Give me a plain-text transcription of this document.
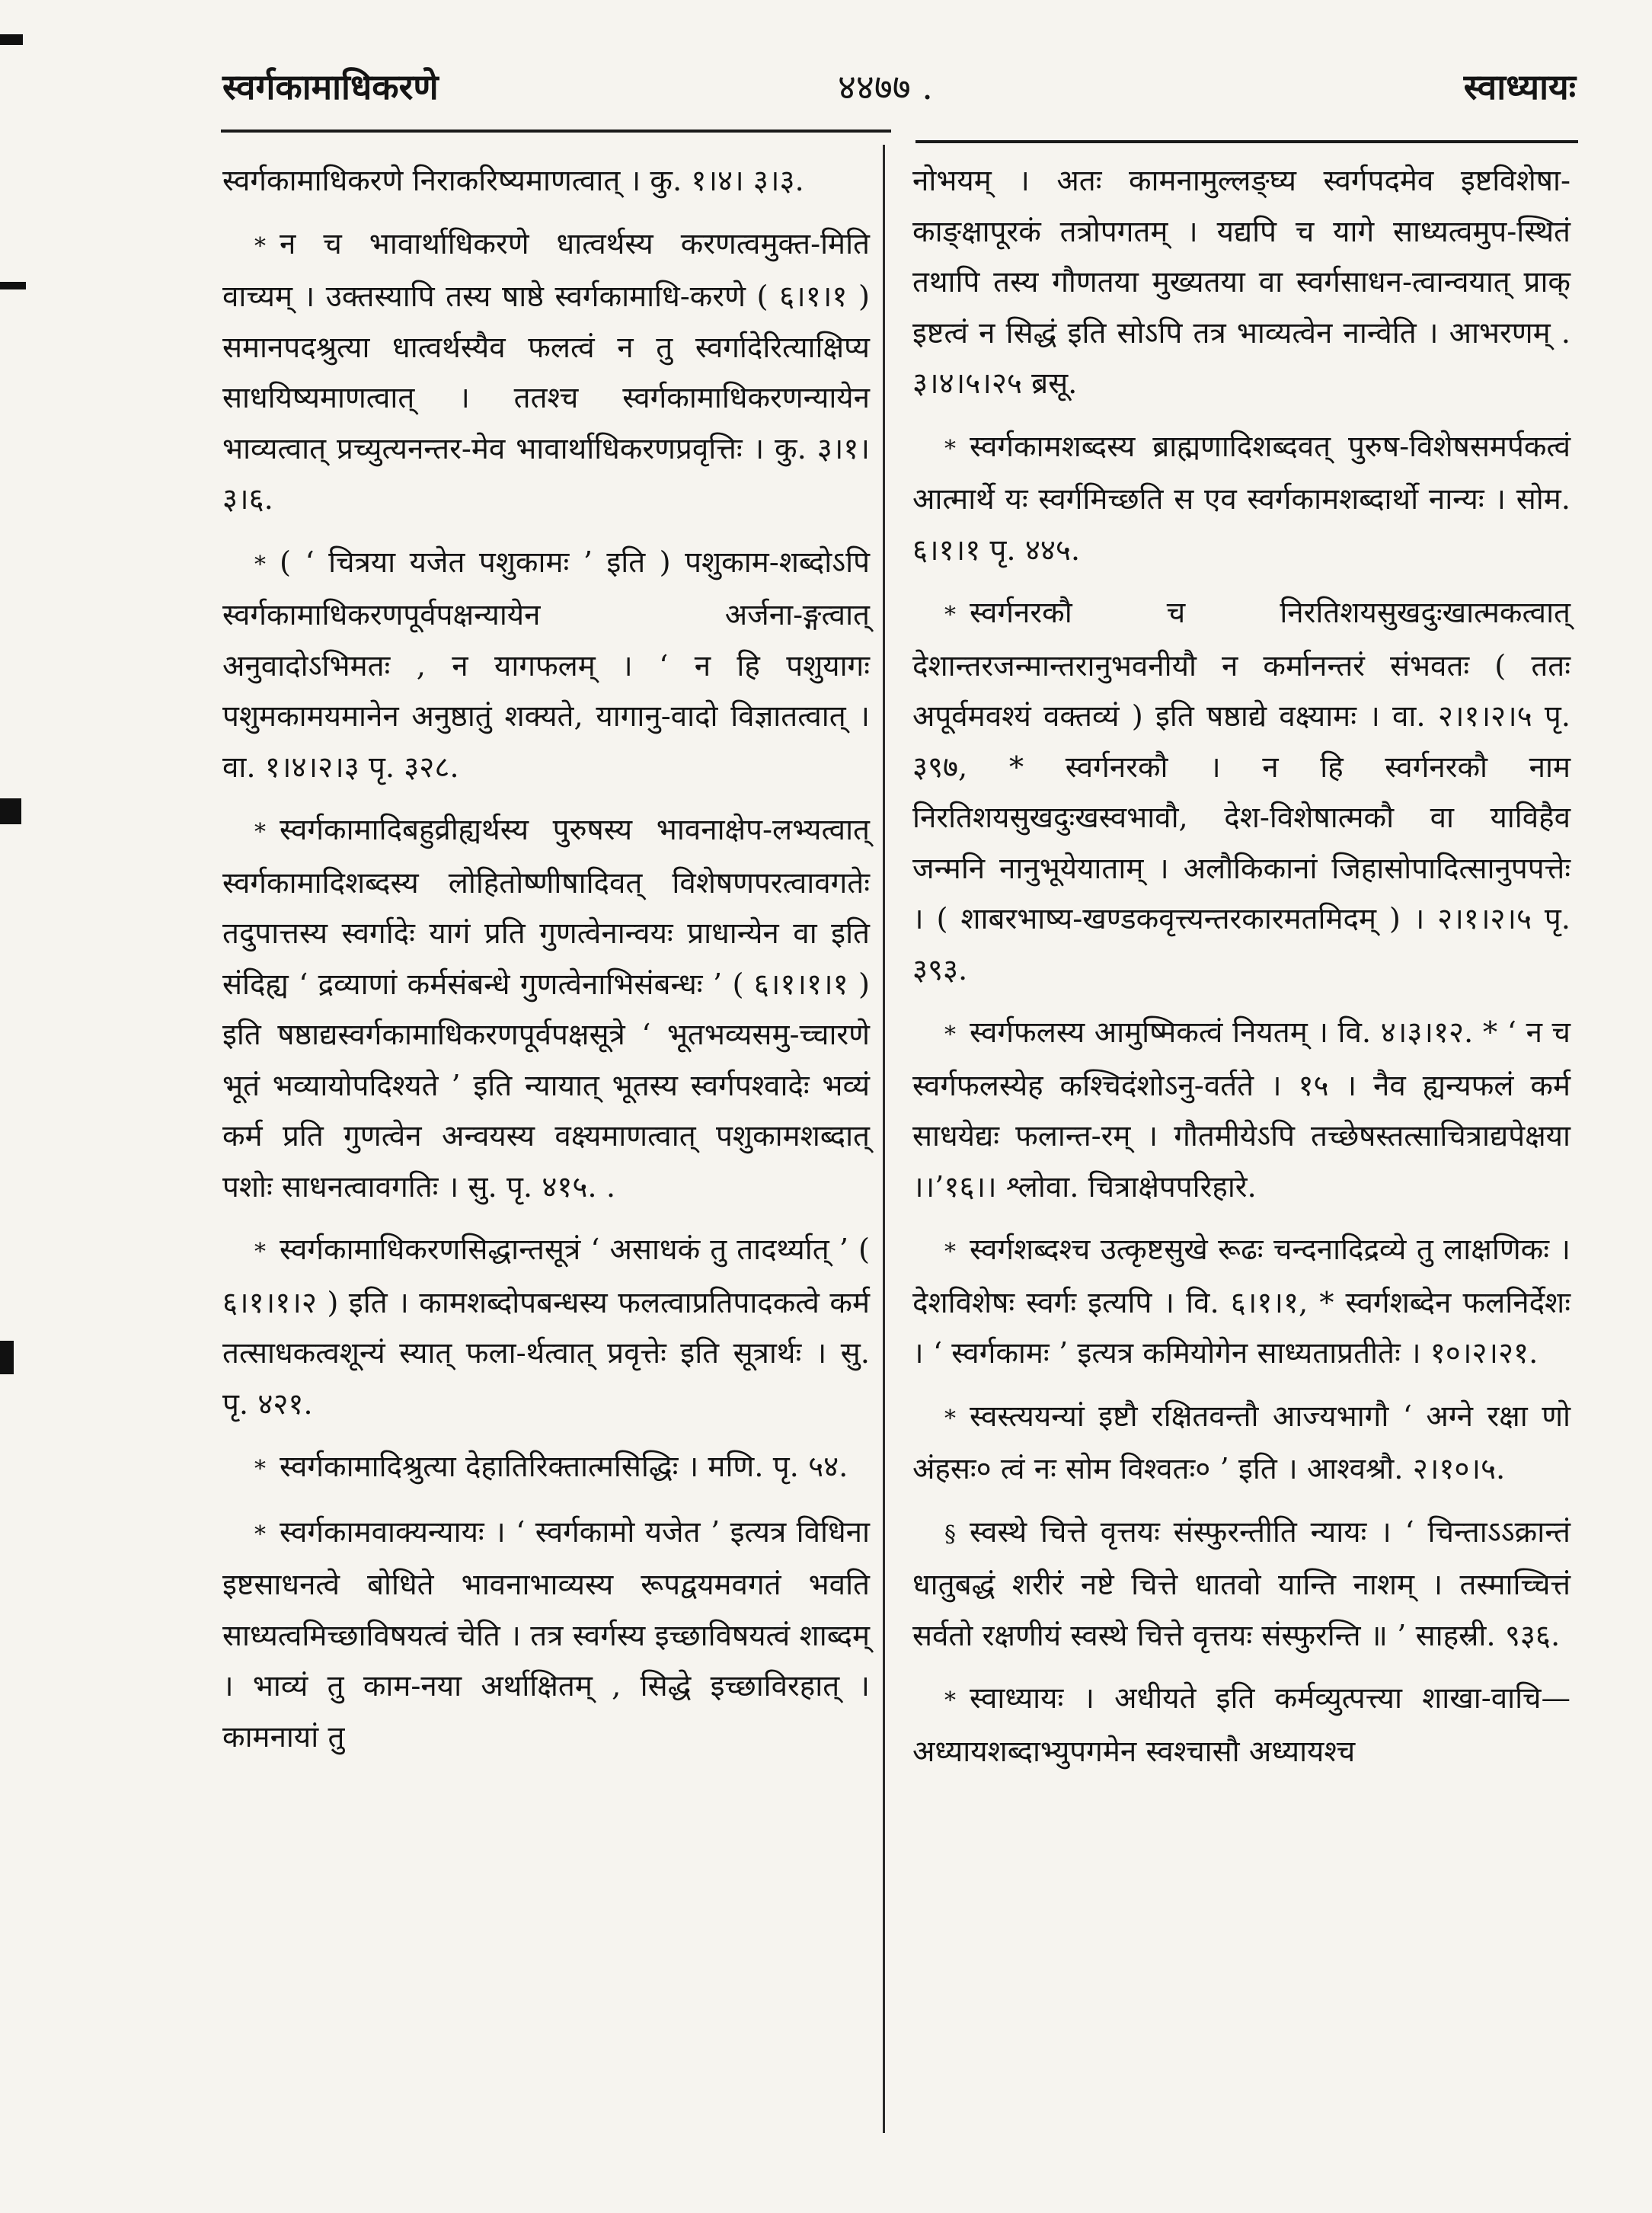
स्वर्गकामाधिकरणे	४४७७ .	स्वाध्यायः

स्वर्गकामाधिकरणे निराकरिष्यमाणत्वात् । कु. १।४। ३।३.

* न च भावार्थाधिकरणे धात्वर्थस्य करणत्वमुक्त-मिति वाच्यम् । उक्तस्यापि तस्य षाष्ठे स्वर्गकामाधि-करणे ( ६।१।१ ) समानपदश्रुत्या धात्वर्थस्यैव फलत्वं न तु स्वर्गादेरित्याक्षिप्य साधयिष्यमाणत्वात् । ततश्च स्वर्गकामाधिकरणन्यायेन भाव्यत्वात् प्रच्युत्यनन्तर-मेव भावार्थाधिकरणप्रवृत्तिः । कु. ३।१।३।६.

* ( ‘ चित्रया यजेत पशुकामः ’ इति ) पशुकाम-शब्दोऽपि स्वर्गकामाधिकरणपूर्वपक्षन्यायेन अर्जना-ङ्गत्वात् अनुवादोऽभिमतः , न यागफलम् । ‘ न हि पशुयागः पशुमकामयमानेन अनुष्ठातुं शक्यते, यागानु-वादो विज्ञातत्वात् । वा. १।४।२।३ पृ. ३२८.

* स्वर्गकामादिबहुव्रीह्यर्थस्य पुरुषस्य भावनाक्षेप-लभ्यत्वात् स्वर्गकामादिशब्दस्य लोहितोष्णीषादिवत् विशेषणपरत्वावगतेः तदुपात्तस्य स्वर्गादेः यागं प्रति गुणत्वेनान्वयः प्राधान्येन वा इति संदिह्य ‘ द्रव्याणां कर्मसंबन्धे गुणत्वेनाभिसंबन्धः ’ ( ६।१।१।१ ) इति षष्ठाद्यस्वर्गकामाधिकरणपूर्वपक्षसूत्रे ‘ भूतभव्यसमु-च्चारणे भूतं भव्यायोपदिश्यते ’ इति न्यायात् भूतस्य स्वर्गपश्वादेः भव्यं कर्म प्रति गुणत्वेन अन्वयस्य वक्ष्यमाणत्वात् पशुकामशब्दात् पशोः साधनत्वावगतिः । सु. पृ. ४१५. .

* स्वर्गकामाधिकरणसिद्धान्तसूत्रं ‘ असाधकं तु तादर्थ्यात् ’ ( ६।१।१।२ ) इति । कामशब्दोपबन्धस्य फलत्वाप्रतिपादकत्वे कर्म तत्साधकत्वशून्यं स्यात् फला-र्थत्वात् प्रवृत्तेः इति सूत्रार्थः । सु. पृ. ४२१.

* स्वर्गकामादिश्रुत्या देहातिरिक्तात्मसिद्धिः । मणि. पृ. ५४.

* स्वर्गकामवाक्यन्यायः । ‘ स्वर्गकामो यजेत ’ इत्यत्र विधिना इष्टसाधनत्वे बोधिते भावनाभाव्यस्य रूपद्वयमवगतं भवति साध्यत्वमिच्छाविषयत्वं चेति । तत्र स्वर्गस्य इच्छाविषयत्वं शाब्दम् । भाव्यं तु काम-नया अर्थाक्षितम् , सिद्धे इच्छाविरहात् । कामनायां तु

नोभयम् । अतः कामनामुल्लङ्घ्य स्वर्गपदमेव इष्टविशेषा-काङ्क्षापूरकं तत्रोपगतम् । यद्यपि च यागे साध्यत्वमुप-स्थितं तथापि तस्य गौणतया मुख्यतया वा स्वर्गसाधन-त्वान्वयात् प्राक् इष्टत्वं न सिद्धं इति सोऽपि तत्र भाव्यत्वेन नान्वेति । आभरणम् . ३।४।५।२५ ब्रसू.

* स्वर्गकामशब्दस्य ब्राह्मणादिशब्दवत् पुरुष-विशेषसमर्पकत्वं आत्मार्थे यः स्वर्गमिच्छति स एव स्वर्गकामशब्दार्थो नान्यः । सोम. ६।१।१ पृ. ४४५.

* स्वर्गनरकौ च निरतिशयसुखदुःखात्मकत्वात् देशान्तरजन्मान्तरानुभवनीयौ न कर्मानन्तरं संभवतः ( ततः अपूर्वमवश्यं वक्तव्यं ) इति षष्ठाद्ये वक्ष्यामः । वा. २।१।२।५ पृ. ३९७, * स्वर्गनरकौ । न हि स्वर्गनरकौ नाम निरतिशयसुखदुःखस्वभावौ, देश-विशेषात्मकौ वा याविहैव जन्मनि नानुभूयेयाताम् । अलौकिकानां जिहासोपादित्सानुपपत्तेः । ( शाबरभाष्य-खण्डकवृत्त्यन्तरकारमतमिदम् ) । २।१।२।५ पृ. ३९३.

* स्वर्गफलस्य आमुष्मिकत्वं नियतम् । वि. ४।३।१२. * ‘ न च स्वर्गफलस्येह कश्चिदंशोऽनु-वर्तते । १५ । नैव ह्यन्यफलं कर्म साधयेद्यः फलान्त-रम् । गौतमीयेऽपि तच्छेषस्तत्साचित्राद्यपेक्षया ।।’१६।। श्लोवा. चित्राक्षेपपरिहारे.

* स्वर्गशब्दश्च उत्कृष्टसुखे रूढः चन्दनादिद्रव्ये तु लाक्षणिकः । देशविशेषः स्वर्गः इत्यपि । वि. ६।१।१, * स्वर्गशब्देन फलनिर्देशः । ‘ स्वर्गकामः ’ इत्यत्र कमियोगेन साध्यताप्रतीतेः । १०।२।२१.

* स्वस्त्ययन्यां इष्टौ रक्षितवन्तौ आज्यभागौ ‘ अग्ने रक्षा णो अंहसः० त्वं नः सोम विश्वतः० ’ इति । आश्वश्रौ. २।१०।५.

§ स्वस्थे चित्ते वृत्तयः संस्फुरन्तीति न्यायः । ‘ चिन्ताऽऽक्रान्तं धातुबद्धं शरीरं नष्टे चित्ते धातवो यान्ति नाशम् । तस्माच्चित्तं सर्वतो रक्षणीयं स्वस्थे चित्ते वृत्तयः संस्फुरन्ति ॥ ’ साहस्री. ९३६.

* स्वाध्यायः । अधीयते इति कर्मव्युत्पत्त्या शाखा-वाचि—अध्यायशब्दाभ्युपगमेन स्वश्चासौ अध्यायश्च
